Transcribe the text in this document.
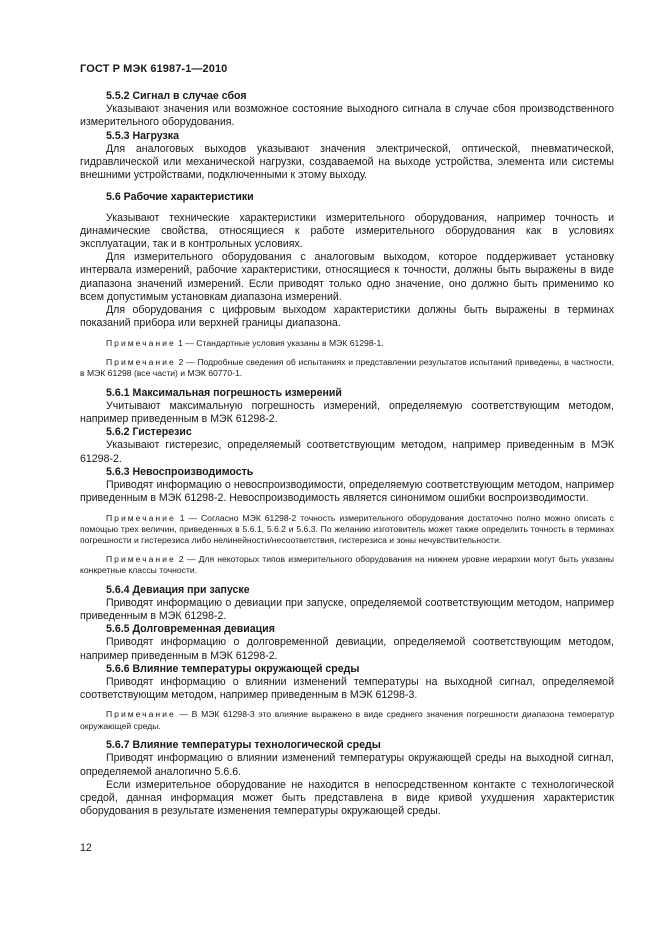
ГОСТ Р МЭК 61987-1—2010
5.5.2 Сигнал в случае сбоя
Указывают значения или возможное состояние выходного сигнала в случае сбоя производственного измерительного оборудования.
5.5.3 Нагрузка
Для аналоговых выходов указывают значения электрической, оптической, пневматической, гидравлической или механической нагрузки, создаваемой на выходе устройства, элемента или системы внешними устройствами, подключенными к этому выходу.
5.6 Рабочие характеристики
Указывают технические характеристики измерительного оборудования, например точность и динамические свойства, относящиеся к работе измерительного оборудования как в условиях эксплуатации, так и в контрольных условиях.
Для измерительного оборудования с аналоговым выходом, которое поддерживает установку интервала измерений, рабочие характеристики, относящиеся к точности, должны быть выражены в виде диапазона значений измерений. Если приводят только одно значение, оно должно быть применимо ко всем допустимым установкам диапазона измерений.
Для оборудования с цифровым выходом характеристики должны быть выражены в терминах показаний прибора или верхней границы диапазона.
Примечание 1 — Стандартные условия указаны в МЭК 61298-1.
Примечание 2 — Подробные сведения об испытаниях и представлении результатов испытаний приведены, в частности, в МЭК 61298 (все части) и МЭК 60770-1.
5.6.1 Максимальная погрешность измерений
Учитывают максимальную погрешность измерений, определяемую соответствующим методом, например приведенным в МЭК 61298-2.
5.6.2 Гистерезис
Указывают гистерезис, определяемый соответствующим методом, например приведенным в МЭК 61298-2.
5.6.3 Невоспроизводимость
Приводят информацию о невоспроизводимости, определяемую соответствующим методом, например приведенным в МЭК 61298-2. Невоспроизводимость является синонимом ошибки воспроизводимости.
Примечание 1 — Согласно МЭК 61298-2 точность измерительного оборудования достаточно полно можно описать с помощью трех величин, приведенных в 5.6.1, 5.6.2 и 5.6.3. По желанию изготовитель может также определить точность в терминах погрешности и гистерезиса либо нелинейности/несоответствия, гистерезиса и зоны нечувствительности.
Примечание 2 — Для некоторых типов измерительного оборудования на нижнем уровне иерархии могут быть указаны конкретные классы точности.
5.6.4 Девиация при запуске
Приводят информацию о девиации при запуске, определяемой соответствующим методом, например приведенным в МЭК 61298-2.
5.6.5 Долговременная девиация
Приводят информацию о долговременной девиации, определяемой соответствующим методом, например приведенным в МЭК 61298-2.
5.6.6 Влияние температуры окружающей среды
Приводят информацию о влиянии изменений температуры на выходной сигнал, определяемой соответствующим методом, например приведенным в МЭК 61298-3.
Примечание — В МЭК 61298-3 это влияние выражено в виде среднего значения погрешности диапазона температур окружающей среды.
5.6.7 Влияние температуры технологической среды
Приводят информацию о влиянии изменений температуры окружающей среды на выходной сигнал, определяемой аналогично 5.6.6.
Если измерительное оборудование не находится в непосредственном контакте с технологической средой, данная информация может быть представлена в виде кривой ухудшения характеристик оборудования в результате изменения температуры окружающей среды.
12
